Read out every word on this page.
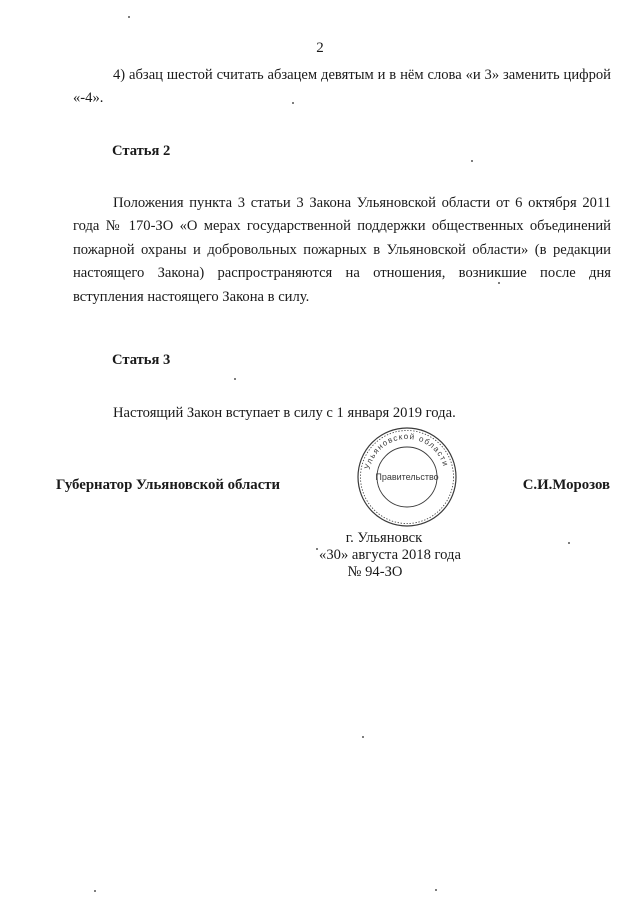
2

4) абзац шестой считать абзацем девятым и в нём слова «и 3» заменить цифрой «-4».

Статья 2

Положения пункта 3 статьи 3 Закона Ульяновской области от 6 октября 2011 года № 170-ЗО «О мерах государственной поддержки общественных объединений пожарной охраны и добровольных пожарных в Ульяновской области» (в редакции настоящего Закона) распространяются на отношения, возникшие после дня вступления настоящего Закона в силу.

Статья 3

Настоящий Закон вступает в силу с 1 января 2019 года.

Губернатор Ульяновской области	С.И.Морозов
Ульяновской области
Правительство
г. Ульяновск
«30» августа 2018 года
№ 94-ЗО
